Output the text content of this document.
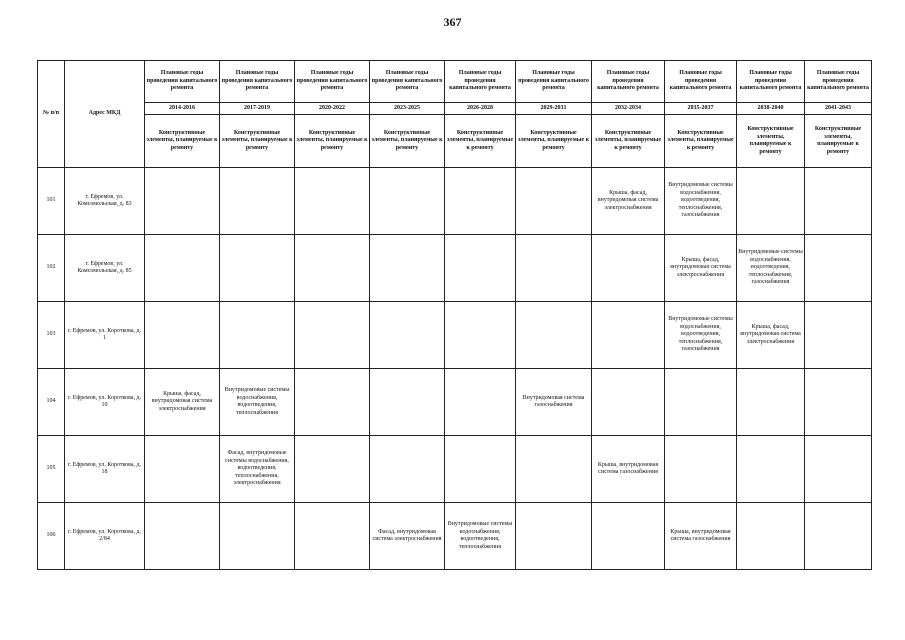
367
№ п/п	Адрес МКД	Плановые годы проведения капитального ремонта	Плановые годы проведения капитального ремонта	Плановые годы проведения капитального ремонта	Плановые годы проведения капитального ремонта	Плановые годы проведения капитального ремонта	Плановые годы проведения капитального ремонта	Плановые годы проведения капитального ремонта	Плановые годы проведения капитального ремонта	Плановые годы проведения капитального ремонта	Плановые годы проведения капитального ремонта
		2014-2016	2017-2019	2020-2022	2023-2025	2026-2028	2029-2031	2032-2034	2035-2037	2038-2040	2041-2043
		Конструктивные элементы, планируемые к ремонту	Конструктивные элементы, планируемые к ремонту	Конструктивные элементы, планируемые к ремонту	Конструктивные элементы, планируемые к ремонту	Конструктивные элементы, планируемые к ремонту	Конструктивные элементы, планируемые к ремонту	Конструктивные элементы, планируемые к ремонту	Конструктивные элементы, планируемые к ремонту	Конструктивные элементы, планируемые к ремонту	Конструктивные элементы, планируемые к ремонту
101	г. Ефремов, ул. Комсомольская, д. 83							Крыша, фасад, внутридомовая система электроснабжения	Внутридомовые системы водоснабжения, водоотведения, теплоснабжения, газоснабжения		
102	г. Ефремов, ул. Комсомольская, д. 85								Крыша, фасад, внутридомовая система электроснабжения	Внутридомовые системы водоснабжения, водоотведения, теплоснабжения, газоснабжения	
103	г. Ефремов, ул. Короткова, д. 1								Внутридомовые системы водоснабжения, водоотведения, теплоснабжения, газоснабжения	Крыша, фасад, внутридомовая система электроснабжения	
104	г. Ефремов, ул. Короткова, д. 10	Крыша, фасад, внутридомовая система электроснабжения	Внутридомовые системы водоснабжения, водоотведения, теплоснабжения				Внутридомовая система газоснабжения				
105	г. Ефремов, ул. Короткова, д. 18		Фасад, внутридомовые системы водоснабжения, водоотведения, теплоснабжения, электроснабжения					Крыша, внутридомовая система газоснабжения			
106	г. Ефремов, ул. Короткова, д. 2/84				Фасад, внутридомовая система электроснабжения	Внутридомовые системы водоснабжения, водоотведения, теплоснабжения			Крыша, внутридомовая система газоснабжения		
